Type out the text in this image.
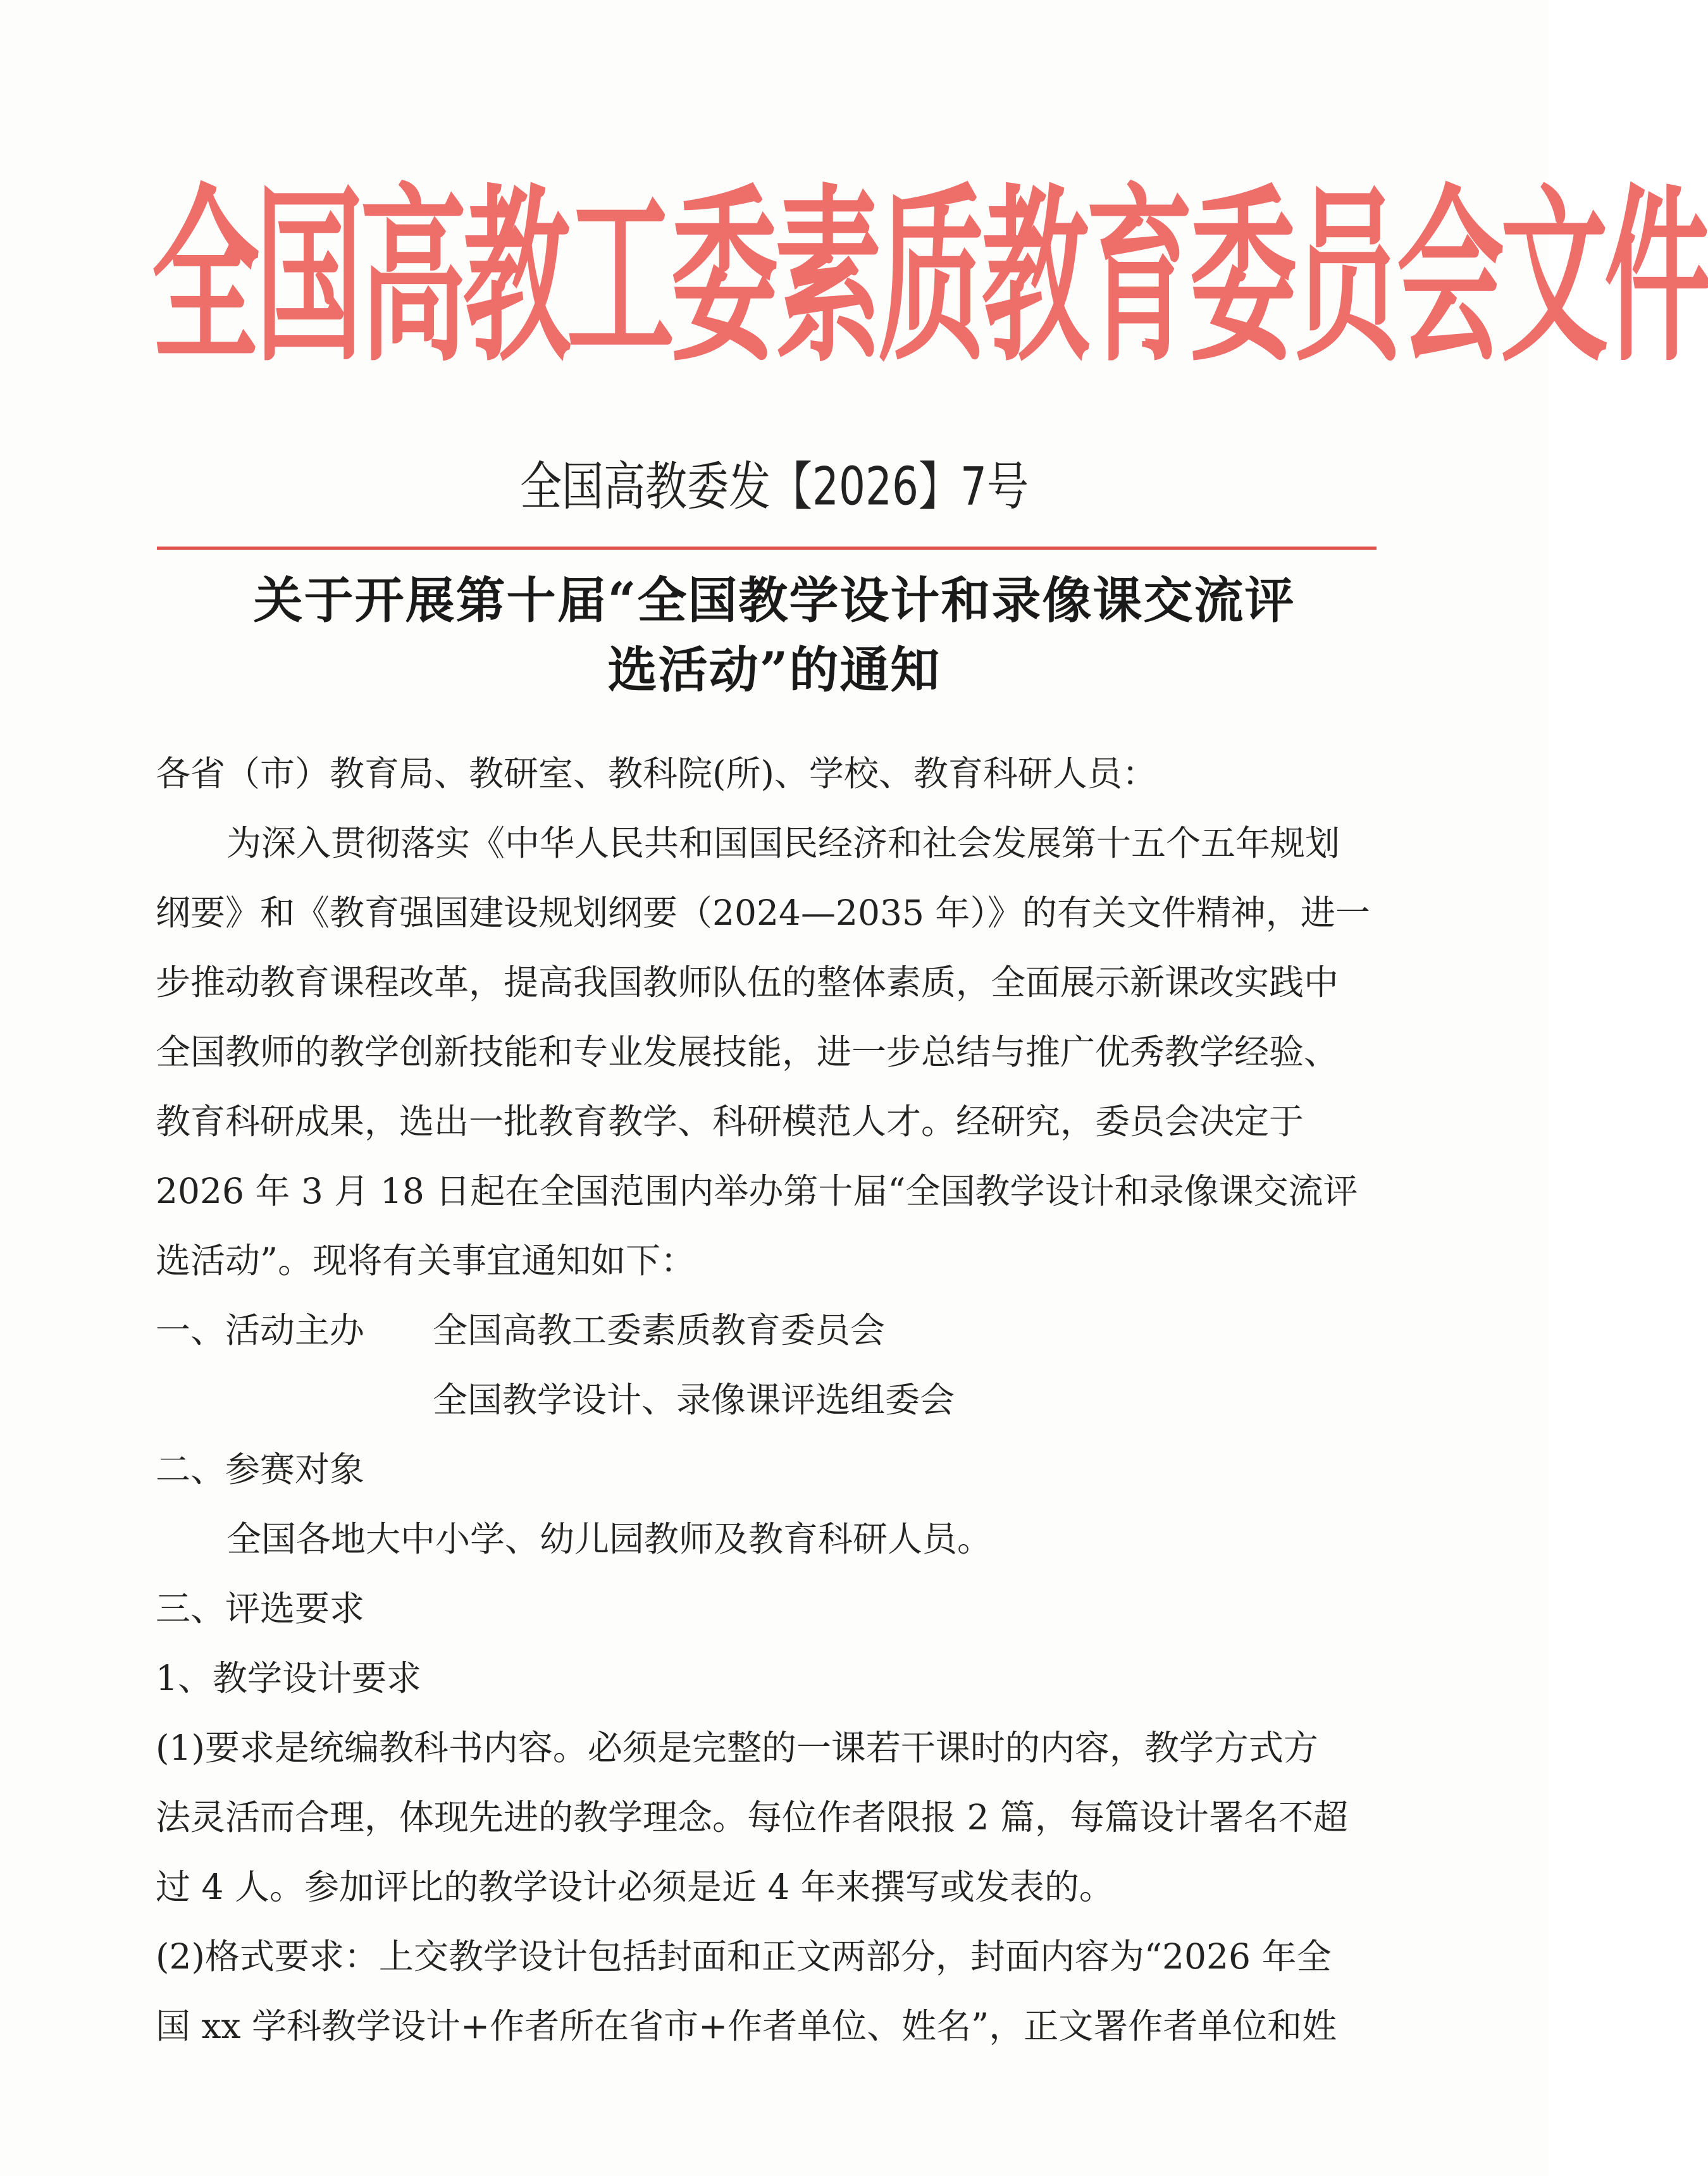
全国高教工委素质教育委员会文件
全国高教委发【2026】7号
关于开展第十届“全国教学设计和录像课交流评
选活动”的通知
各省（市）教育局、教研室、教科院(所)、学校、教育科研人员：
为深入贯彻落实《中华人民共和国国民经济和社会发展第十五个五年规划
纲要》和《教育强国建设规划纲要（2024—2035 年）》的有关文件精神，进一
步推动教育课程改革，提高我国教师队伍的整体素质，全面展示新课改实践中
全国教师的教学创新技能和专业发展技能，进一步总结与推广优秀教学经验、
教育科研成果，选出一批教育教学、科研模范人才。经研究，委员会决定于
2026 年 3 月 18 日起在全国范围内举办第十届“全国教学设计和录像课交流评
选活动”。现将有关事宜通知如下：
一、活动主办	全国高教工委素质教育委员会
全国教学设计、录像课评选组委会
二、参赛对象
全国各地大中小学、幼儿园教师及教育科研人员。
三、评选要求
1、教学设计要求
(1)要求是统编教科书内容。必须是完整的一课若干课时的内容，教学方式方
法灵活而合理，体现先进的教学理念。每位作者限报 2 篇，每篇设计署名不超
过 4 人。参加评比的教学设计必须是近 4 年来撰写或发表的。
(2)格式要求：上交教学设计包括封面和正文两部分，封面内容为“2026 年全
国 xx 学科教学设计+作者所在省市+作者单位、姓名”，正文署作者单位和姓
